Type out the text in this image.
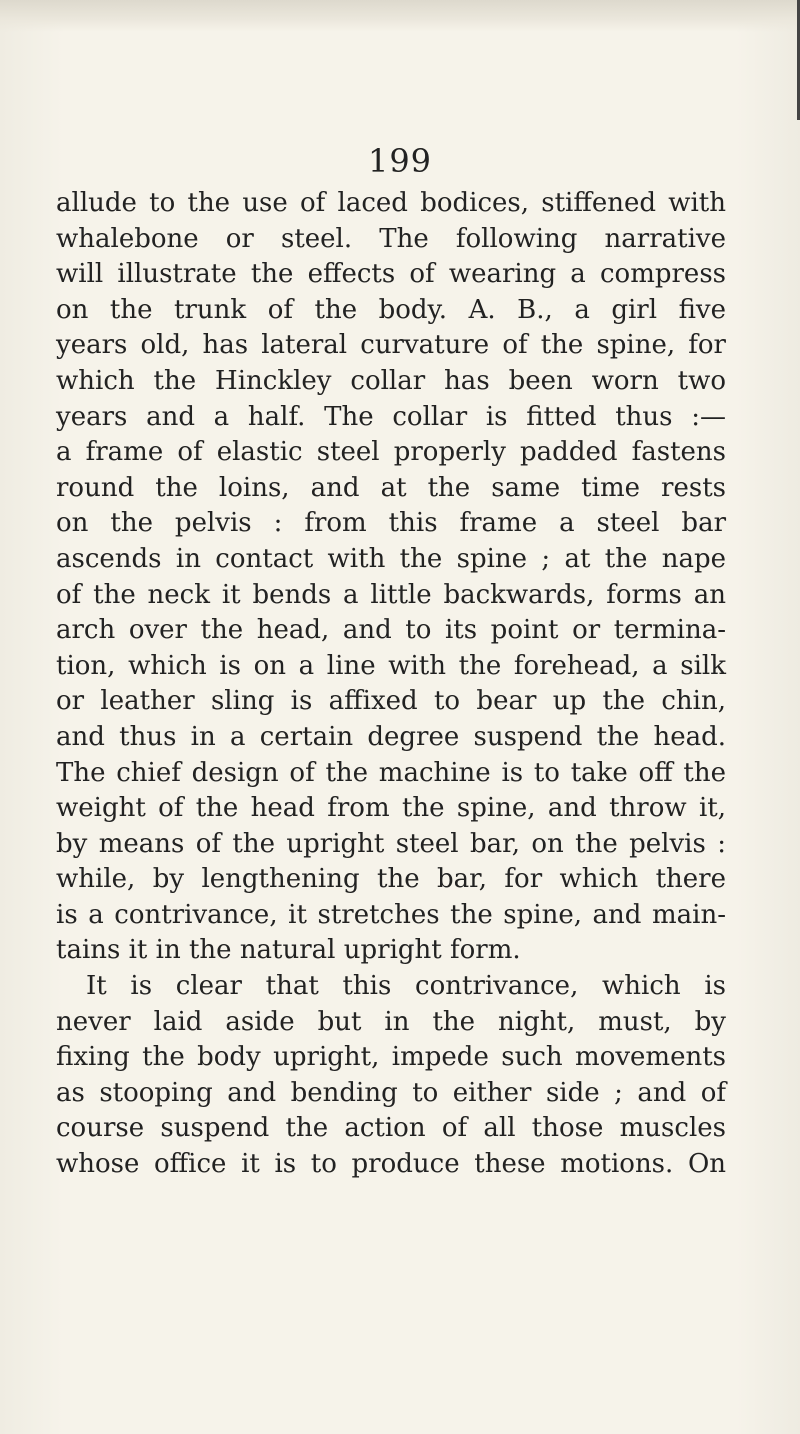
199
allude to the use of laced bodices, stiffened with
whalebone or steel. The following narrative
will illustrate the effects of wearing a compress
on the trunk of the body. A. B., a girl five
years old, has lateral curvature of the spine, for
which the Hinckley collar has been worn two
years and a half. The collar is fitted thus :—
a frame of elastic steel properly padded fastens
round the loins, and at the same time rests
on the pelvis : from this frame a steel bar
ascends in contact with the spine ; at the nape
of the neck it bends a little backwards, forms an
arch over the head, and to its point or termina-
tion, which is on a line with the forehead, a silk
or leather sling is affixed to bear up the chin,
and thus in a certain degree suspend the head.
The chief design of the machine is to take off the
weight of the head from the spine, and throw it,
by means of the upright steel bar, on the pelvis :
while, by lengthening the bar, for which there
is a contrivance, it stretches the spine, and main-
tains it in the natural upright form.
It is clear that this contrivance, which is
never laid aside but in the night, must, by
fixing the body upright, impede such movements
as stooping and bending to either side ; and of
course suspend the action of all those muscles
whose office it is to produce these motions. On
